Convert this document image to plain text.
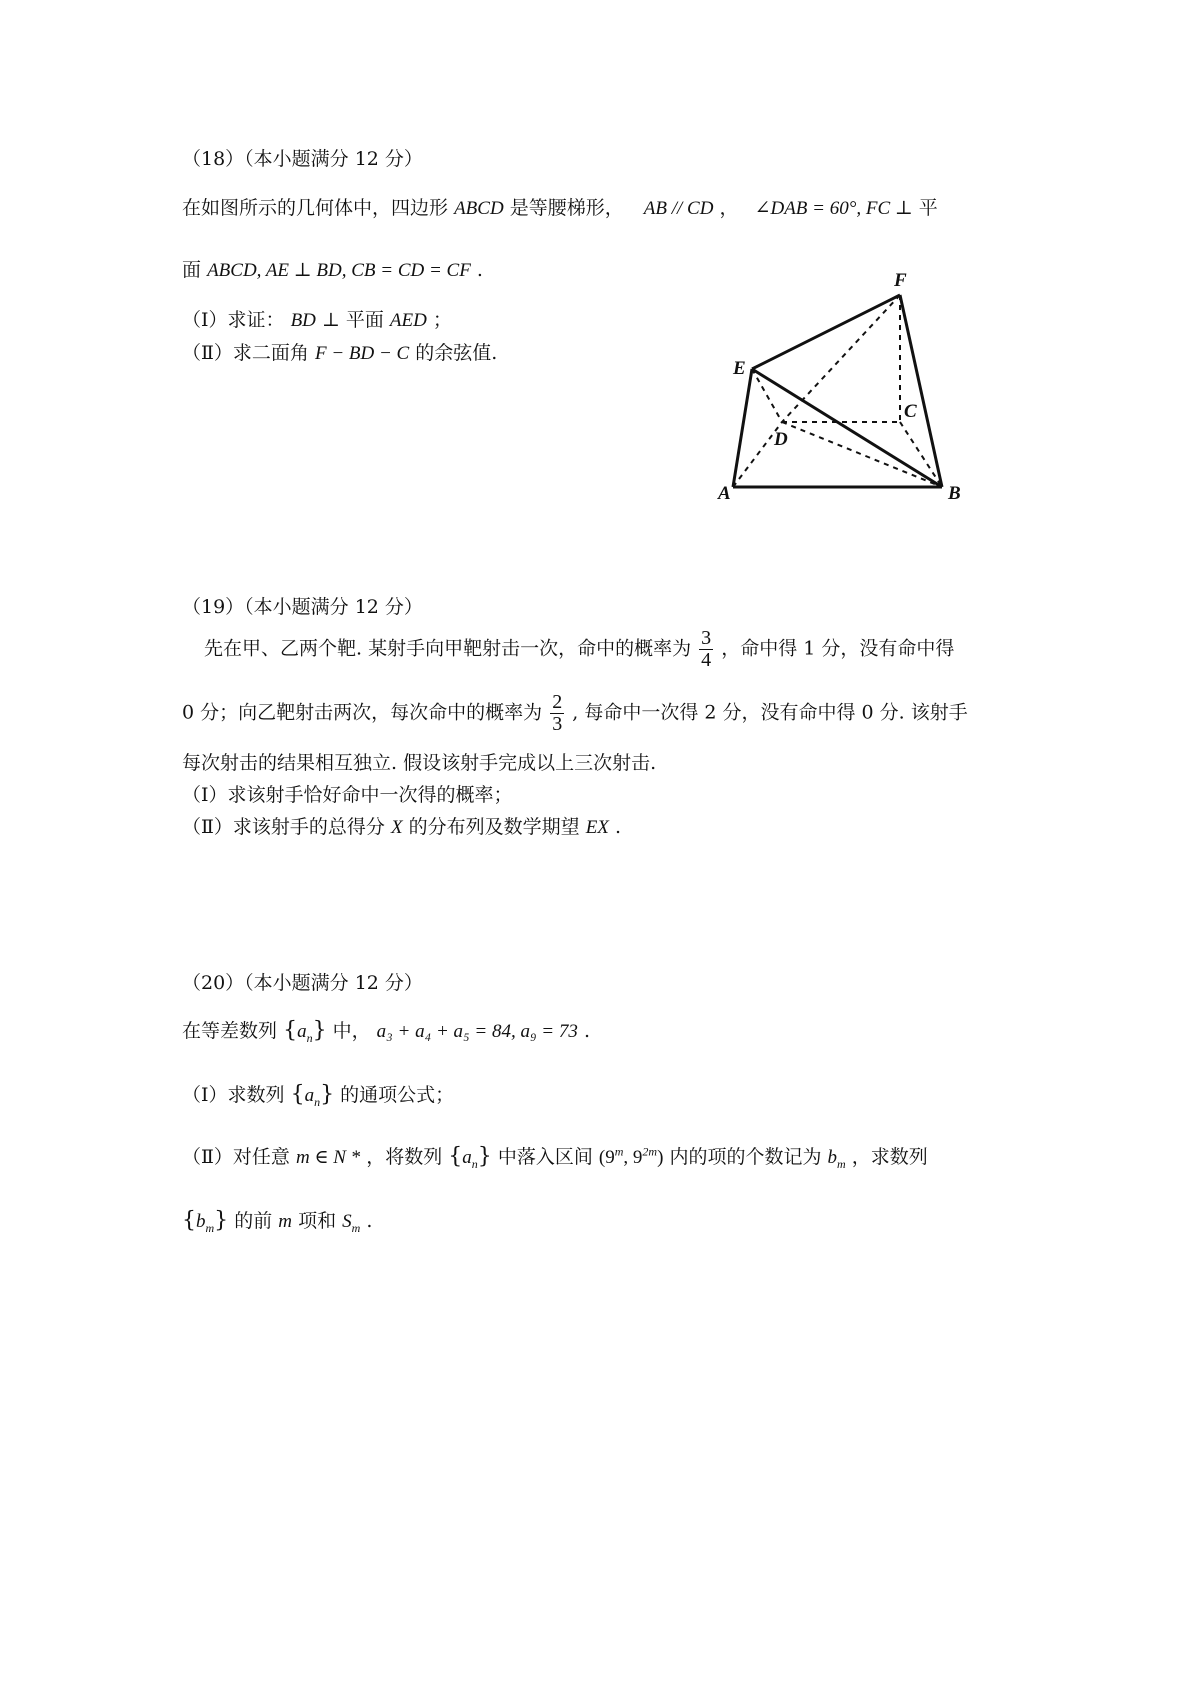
（18）（本小题满分 12 分）
在如图所示的几何体中，四边形 ABCD 是等腰梯形， AB // CD ， ∠DAB = 60°, FC ⊥ 平
面 ABCD, AE ⊥ BD, CB = CD = CF .
（Ⅰ）求证： BD ⊥ 平面 AED ；
（Ⅱ）求二面角 F − BD − C 的余弦值.
A	B
C
D
E
F
（19）（本小题满分 12 分）
先在甲、乙两个靶. 某射手向甲靶射击一次，命中的概率为 $\frac{3}{4}$ ，命中得 1 分，没有命中得
0 分；向乙靶射击两次，每次命中的概率为 $\frac{2}{3}$ , 每命中一次得 2 分，没有命中得 0 分. 该射手
每次射击的结果相互独立. 假设该射手完成以上三次射击.
（Ⅰ）求该射手恰好命中一次得的概率；
（Ⅱ）求该射手的总得分 X 的分布列及数学期望 EX .
（20）（本小题满分 12 分）
在等差数列 $\{a_n\}$ 中， a₃ + a₄ + a₅ = 84, a₉ = 73 .
（Ⅰ）求数列 $\{a_n\}$ 的通项公式；
（Ⅱ）对任意 m ∈ N * ，将数列 $\{a_n\}$ 中落入区间 (9$^m$, $9^{2m}$) 内的项的个数记为 $b_m$ ，求数列
$\{b_m\}$ 的前 m 项和 $S_m$ .
